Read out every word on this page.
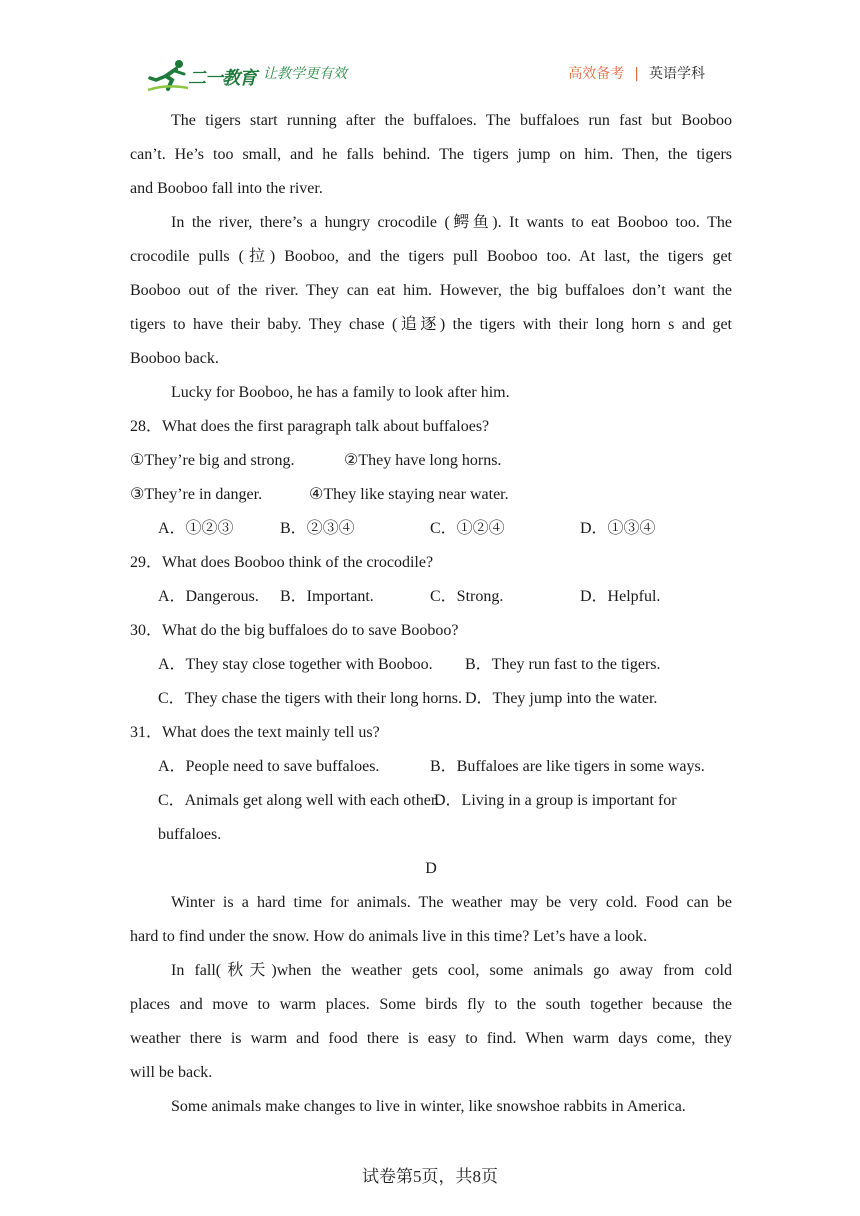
二一教育 让教学更有效	高效备考 | 英语学科
The tigers start running after the buffaloes. The buffaloes run fast but Booboo
can’t. He’s too small, and he falls behind. The tigers jump on him. Then, the tigers
and Booboo fall into the river.
In the river, there’s a hungry crocodile (鳄鱼). It wants to eat Booboo too. The
crocodile pulls (拉) Booboo, and the tigers pull Booboo too. At last, the tigers get
Booboo out of the river. They can eat him. However, the big buffaloes don’t want the
tigers to have their baby. They chase (追逐) the tigers with their long horn s and get
Booboo back.
Lucky for Booboo, he has a family to look after him.
28．What does the first paragraph talk about buffaloes?
①They’re big and strong.	②They have long horns.
③They’re in danger.	④They like staying near water.
A．①②③	B．②③④	C．①②④	D．①③④
29．What does Booboo think of the crocodile?
A．Dangerous. B．Important.	C．Strong.	D．Helpful.
30．What do the big buffaloes do to save Booboo?
A．They stay close together with Booboo. B．They run fast to the tigers.
C．They chase the tigers with their long horns. D．They jump into the water.
31．What does the text mainly tell us?
A．People need to save buffaloes.	B．Buffaloes are like tigers in some ways.
C．Animals get along well with each other.D．Living in a group is important for
buffaloes.
D
Winter is a hard time for animals. The weather may be very cold. Food can be
hard to find under the snow. How do animals live in this time? Let’s have a look.
In fall(秋天)when the weather gets cool, some animals go away from cold
places and move to warm places. Some birds fly to the south together because the
weather there is warm and food there is easy to find. When warm days come, they
will be back.
Some animals make changes to live in winter, like snowshoe rabbits in America.
试卷第5页，共8页
